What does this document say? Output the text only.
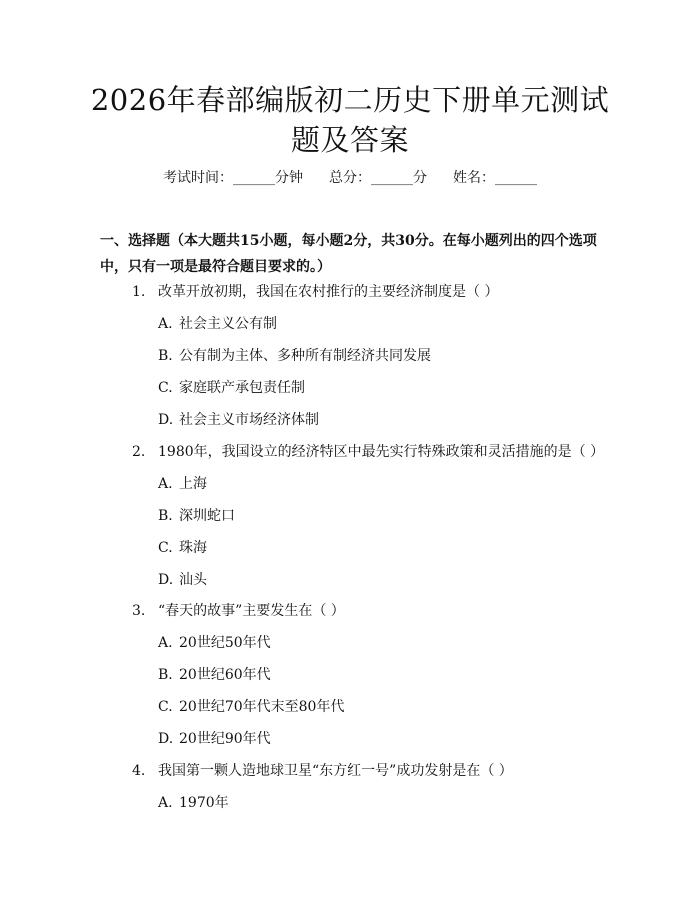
2026年春部编版初二历史下册单元测试题及答案
考试时间：______分钟 总分：______分 姓名：______
一、选择题（本大题共15小题，每小题2分，共30分。在每小题列出的四个选项中，只有一项是最符合题目要求的。）
1. 改革开放初期，我国在农村推行的主要经济制度是（ ）
A. 社会主义公有制
B. 公有制为主体、多种所有制经济共同发展
C. 家庭联产承包责任制
D. 社会主义市场经济体制
2. 1980年，我国设立的经济特区中最先实行特殊政策和灵活措施的是（ ）
A. 上海
B. 深圳蛇口
C. 珠海
D. 汕头
3. “春天的故事”主要发生在（ ）
A. 20世纪50年代
B. 20世纪60年代
C. 20世纪70年代末至80年代
D. 20世纪90年代
4. 我国第一颗人造地球卫星“东方红一号”成功发射是在（ ）
A. 1970年
